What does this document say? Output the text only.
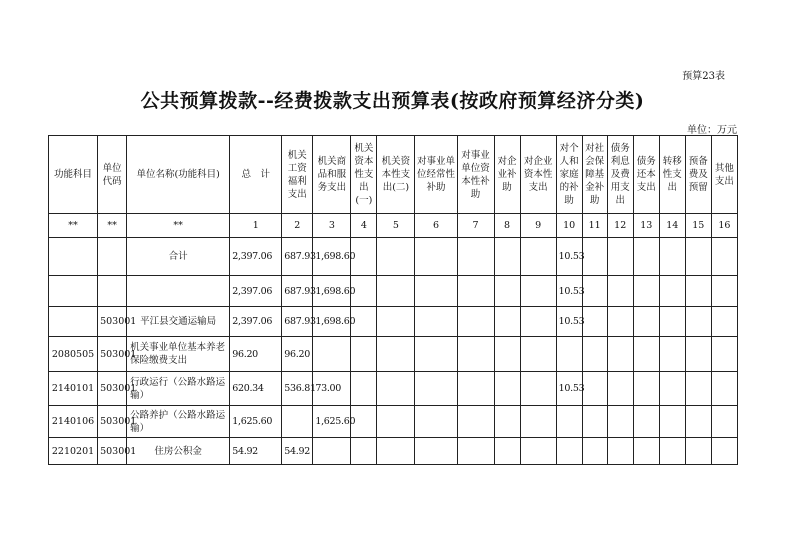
预算23表
公共预算拨款--经费拨款支出预算表(按政府预算经济分类)
单位：万元
功能科目	单位代码	单位名称(功能科目)	总　计	机关工资福利支出	机关商品和服务支出	机关资本性支出(一)	机关资本性支出(二)	对事业单位经常性补助	对事业单位资本性补助	对企业补助	对企业资本性支出	对个人和家庭的补助	对社会保障基金补助	债务利息及费用支出	债务还本支出	转移性支出	预备费及预留	其他支出
**	**	**	1	2	3	4	5	6	7	8	9	10	11	12	13	14	15	16
		合计	2,397.06	687.93	1,698.60							10.53						
			2,397.06	687.93	1,698.60							10.53						
	503001	平江县交通运输局	2,397.06	687.93	1,698.60							10.53						
2080505	503001	机关事业单位基本养老保险缴费支出	96.20	96.20														
2140101	503001	行政运行（公路水路运输）	620.34	536.81	73.00							10.53						
2140106	503001	公路养护（公路水路运输）	1,625.60		1,625.60													
2210201	503001	住房公积金	54.92	54.92														
